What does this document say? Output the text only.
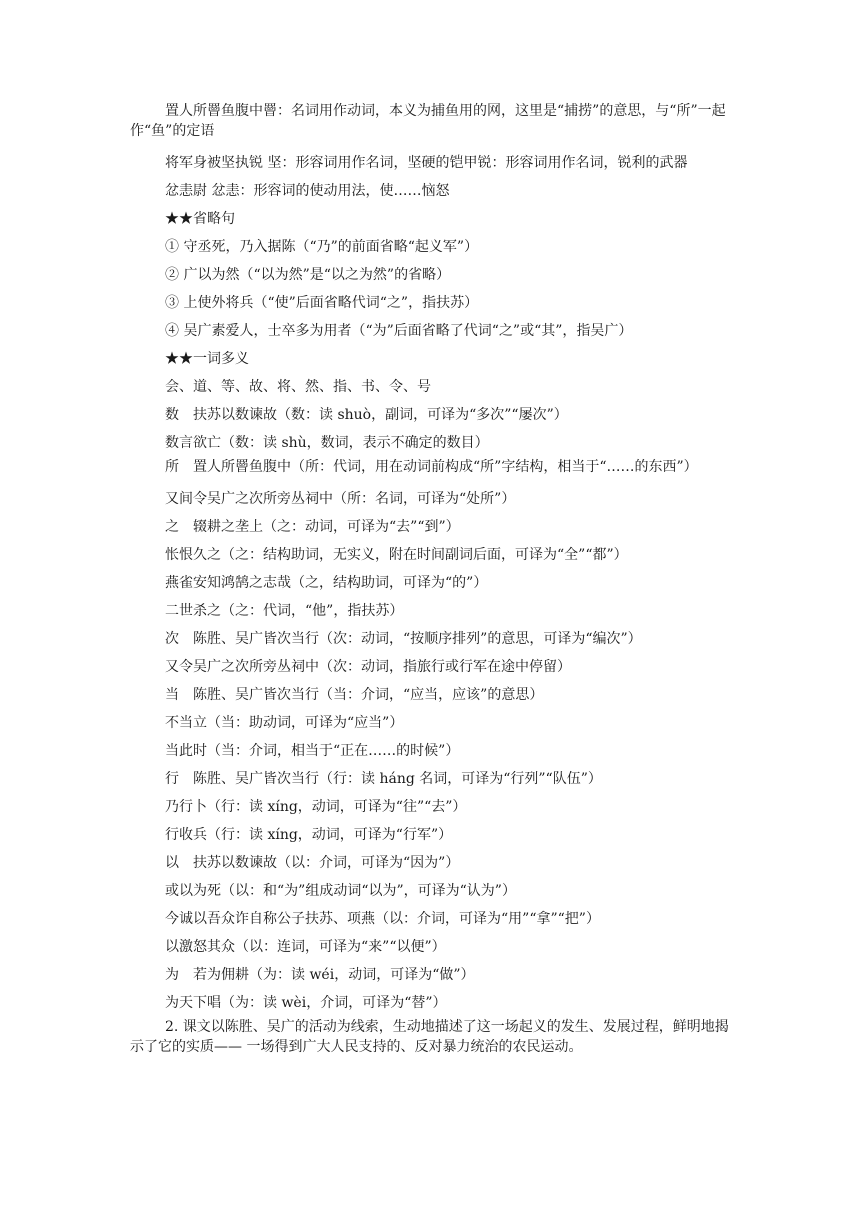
置人所罾鱼腹中罾：名词用作动词，本义为捕鱼用的网，这里是“捕捞”的意思，与“所”一起作“鱼”的定语
将军身被坚执锐 坚：形容词用作名词，坚硬的铠甲锐：形容词用作名词，锐利的武器
忿恚尉 忿恚：形容词的使动用法，使……恼怒
★★省略句
① 守丞死，乃入据陈（“乃”的前面省略“起义军”）
② 广以为然（“以为然”是“以之为然”的省略）
③ 上使外将兵（“使”后面省略代词“之”，指扶苏）
④ 吴广素爱人，士卒多为用者（“为”后面省略了代词“之”或“其”，指吴广）
★★一词多义
会、道、等、故、将、然、指、书、令、号
数　扶苏以数谏故（数：读 shuò，副词，可译为“多次”“屡次”）
数言欲亡（数：读 shù，数词，表示不确定的数目）
所　置人所罾鱼腹中（所：代词，用在动词前构成“所”字结构，相当于“……的东西”）
又间令吴广之次所旁丛祠中（所：名词，可译为“处所”）
之　辍耕之垄上（之：动词，可译为“去”“到”）
怅恨久之（之：结构助词，无实义，附在时间副词后面，可译为“全”“都”）
燕雀安知鸿鹄之志哉（之，结构助词，可译为“的”）
二世杀之（之：代词，“他”，指扶苏）
次　陈胜、吴广皆次当行（次：动词，“按顺序排列”的意思，可译为“编次”）
又令吴广之次所旁丛祠中（次：动词，指旅行或行军在途中停留）
当　陈胜、吴广皆次当行（当：介词，“应当，应该”的意思）
不当立（当：助动词，可译为“应当”）
当此时（当：介词，相当于“正在……的时候”）
行　陈胜、吴广皆次当行（行：读 háng 名词，可译为“行列”“队伍”）
乃行卜（行：读 xíng，动词，可译为“往”“去”）
行收兵（行：读 xíng，动词，可译为“行军”）
以　扶苏以数谏故（以：介词，可译为“因为”）
或以为死（以：和“为”组成动词“以为”，可译为“认为”）
今诚以吾众诈自称公子扶苏、项燕（以：介词，可译为“用”“拿”“把”）
以激怒其众（以：连词，可译为“来”“以便”）
为　若为佣耕（为：读 wéi，动词，可译为“做”）
为天下唱（为：读 wèi，介词，可译为“替”）
2. 课文以陈胜、吴广的活动为线索，生动地描述了这一场起义的发生、发展过程，鲜明地揭示了它的实质—— 一场得到广大人民支持的、反对暴力统治的农民运动。
